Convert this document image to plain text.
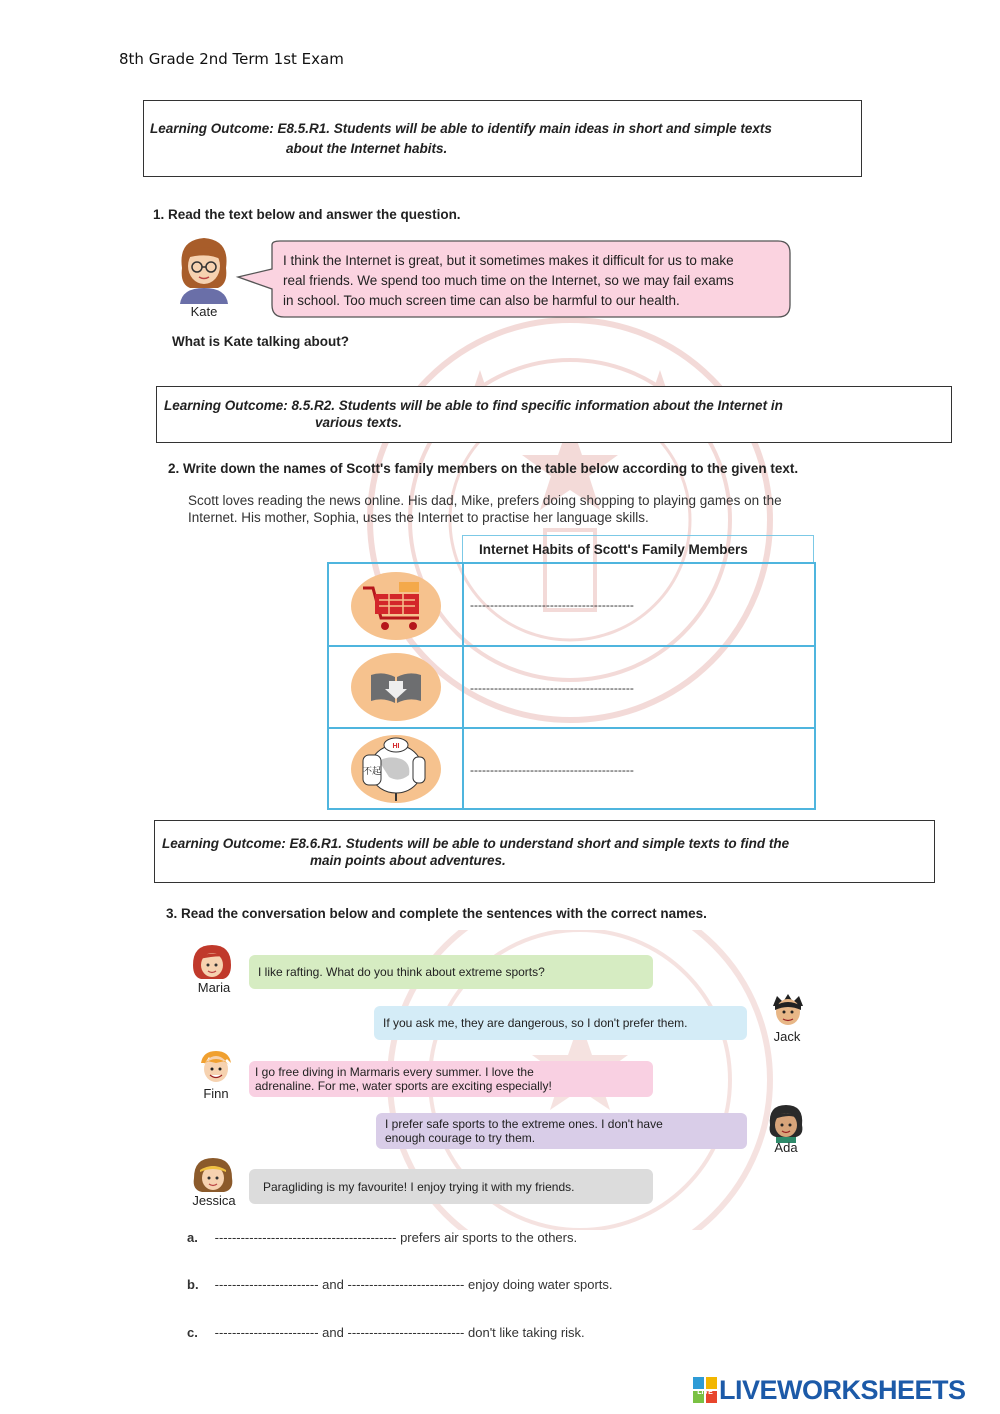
8th Grade 2nd Term 1st Exam
Learning Outcome: E8.5.R1. Students will be able to identify main ideas in short and simple texts
about the Internet habits.
1. Read the text below and answer the question.
Kate
I think the Internet is great, but it sometimes makes it difficult for us to make
real friends. We spend too much time on the Internet, so we may fail exams
in school. Too much screen time can also be harmful to our health.
What is Kate talking about?
Learning Outcome: 8.5.R2. Students will be able to find specific information about the Internet in
various texts.
2. Write down the names of Scott's family members on the table below according to the given text.
Scott loves reading the news online. His dad, Mike, prefers doing shopping to playing games on the
Internet. His mother, Sophia, uses the Internet to practise her language skills.
Internet Habits of Scott's Family Members
-----------------------------------------
-----------------------------------------
HI
不起	-----------------------------------------
Learning Outcome: E8.6.R1. Students will be able to understand short and simple texts to find the
main points about adventures.
3. Read the conversation below and complete the sentences with the correct names.
Maria
I like rafting. What do you think about extreme sports?
Jack
If you ask me, they are dangerous, so I don't prefer them.
Finn
I go free diving in Marmaris every summer. I love the
adrenaline. For me, water sports are exciting especially!
Ada
I prefer safe sports to the extreme ones. I don't have
enough courage to try them.
Jessica
Paragliding is my favourite! I enjoy trying it with my friends.
a. ------------------------------------------ prefers air sports to the others.
b. ------------------------ and --------------------------- enjoy doing water sports.
c. ------------------------ and --------------------------- don't like taking risk.
LIVE LIVEWORKSHEETS
